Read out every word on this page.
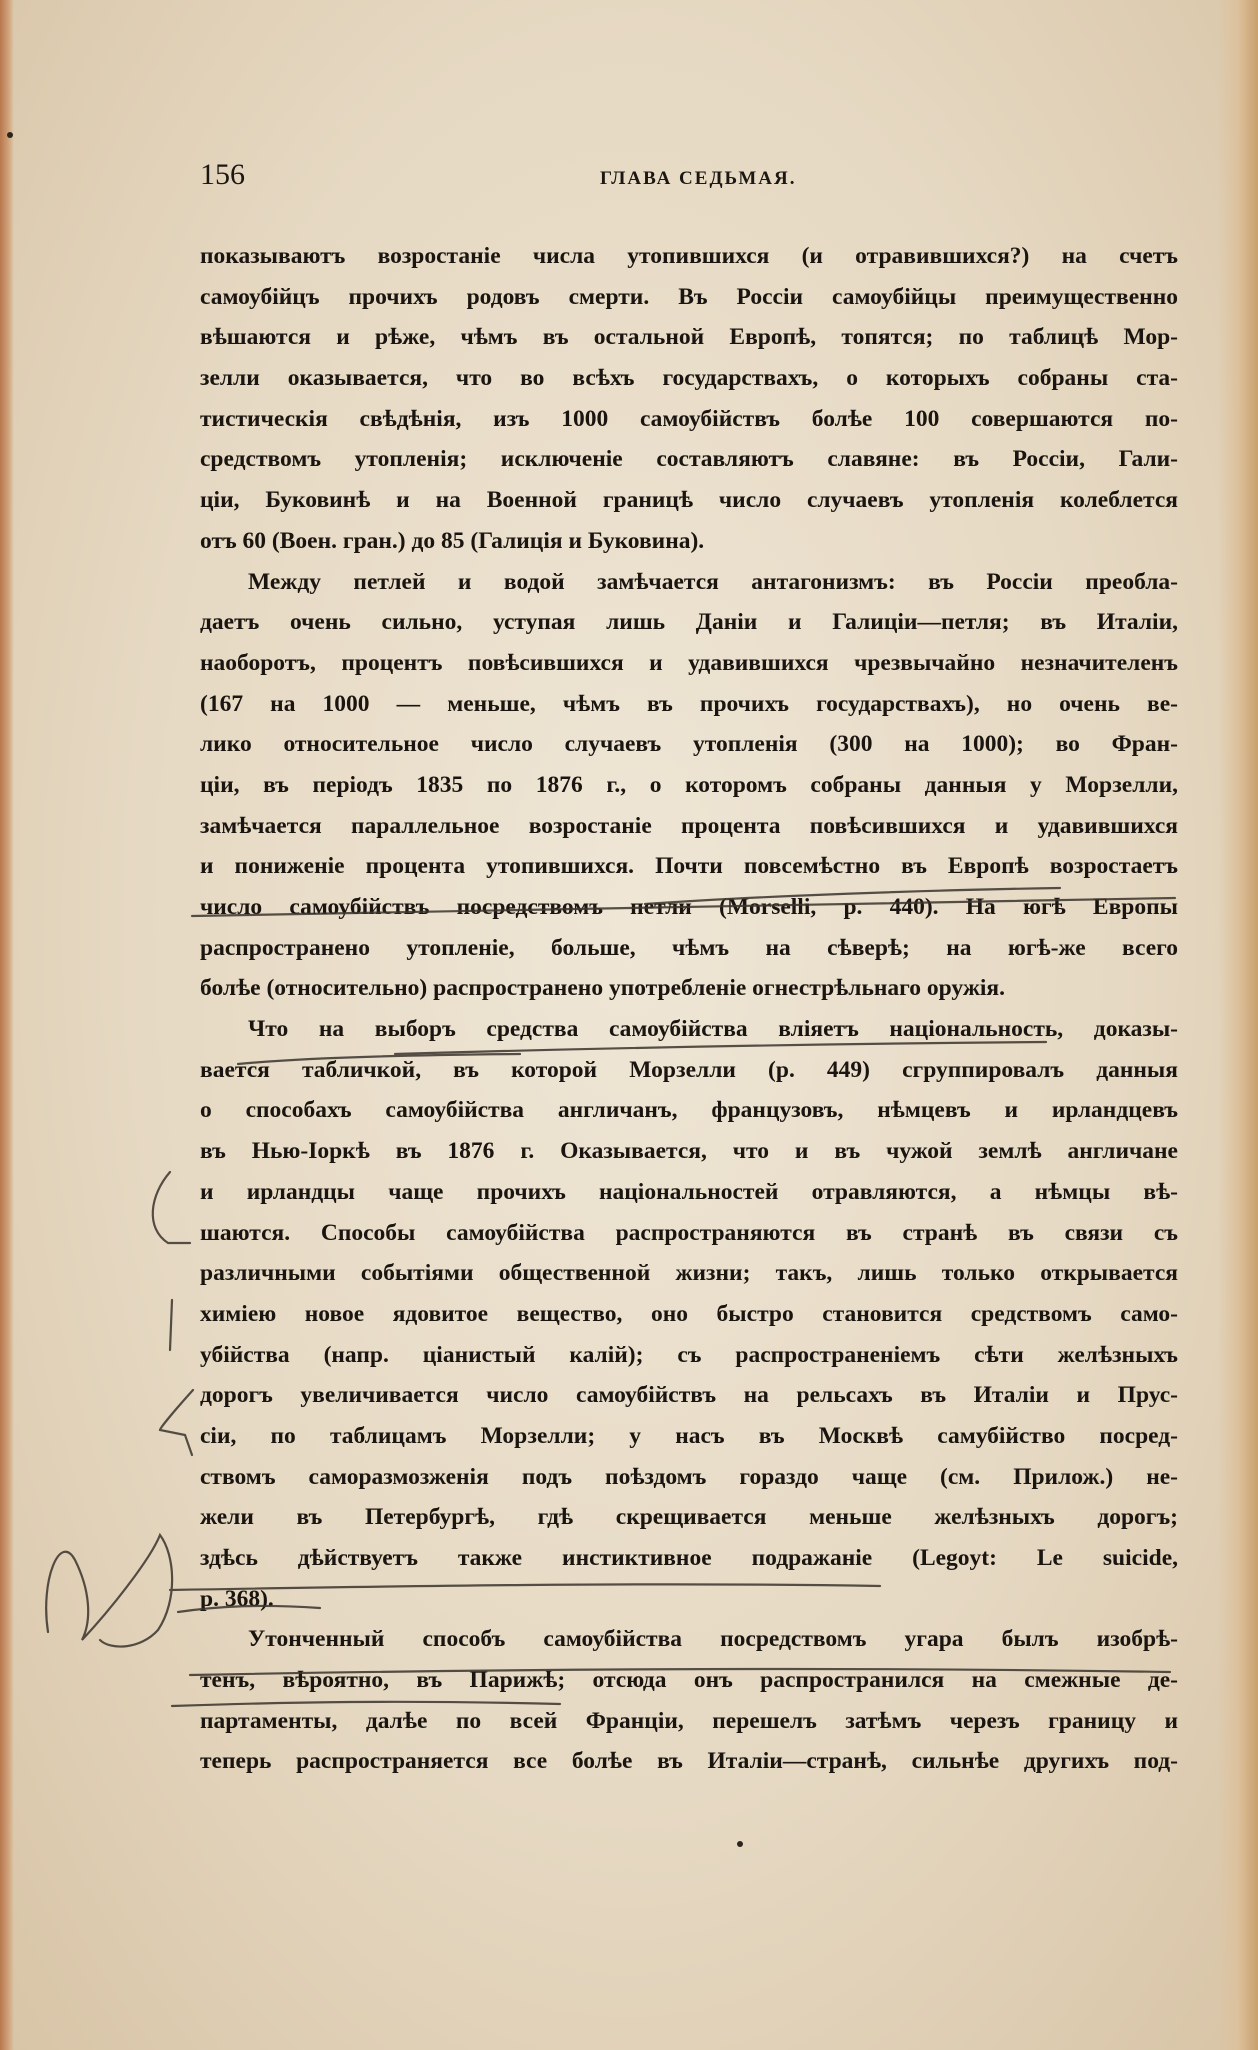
156	ГЛАВА СЕДЬМАЯ.
показываютъ возростаніе числа утопившихся (и отравившихся?) на счетъ
самоубійцъ прочихъ родовъ смерти. Въ Россіи самоубійцы преимущественно
вѣшаются и рѣже, чѣмъ въ остальной Европѣ, топятся; по таблицѣ Мор-
зелли оказывается, что во всѣхъ государствахъ, о которыхъ собраны ста-
тистическія свѣдѣнія, изъ 1000 самоубійствъ болѣе 100 совершаются по-
средствомъ утопленія; исключеніе составляютъ славяне: въ Россіи, Гали-
ціи, Буковинѣ и на Военной границѣ число случаевъ утопленія колеблется
отъ 60 (Воен. гран.) до 85 (Галиція и Буковина).
Между петлей и водой замѣчается антагонизмъ: въ Россіи преобла-
даетъ очень сильно, уступая лишь Даніи и Галиціи—петля; въ Италіи,
наоборотъ, процентъ повѣсившихся и удавившихся чрезвычайно незначителенъ
(167 на 1000 — меньше, чѣмъ въ прочихъ государствахъ), но очень ве-
лико относительное число случаевъ утопленія (300 на 1000); во Фран-
ціи, въ періодъ 1835 по 1876 г., о которомъ собраны данныя у Морзелли,
замѣчается параллельное возростаніе процента повѣсившихся и удавившихся
и пониженіе процента утопившихся. Почти повсемѣстно въ Европѣ возростаетъ
число самоубійствъ посредствомъ петли (Morselli, p. 440). На югѣ Европы
распространено утопленіе, больше, чѣмъ на сѣверѣ; на югѣ-же всего
болѣе (относительно) распространено употребленіе огнестрѣльнаго оружія.
Что на выборъ средства самоубійства вліяетъ національность, доказы-
вается табличкой, въ которой Морзелли (p. 449) сгруппировалъ данныя
о способахъ самоубійства англичанъ, французовъ, нѣмцевъ и ирландцевъ
въ Нью-Іоркѣ въ 1876 г. Оказывается, что и въ чужой землѣ англичане
и ирландцы чаще прочихъ національностей отравляются, а нѣмцы вѣ-
шаются. Способы самоубійства распространяются въ странѣ въ связи съ
различными событіями общественной жизни; такъ, лишь только открывается
химіею новое ядовитое вещество, оно быстро становится средствомъ само-
убійства (напр. ціанистый калій); съ распространеніемъ сѣти желѣзныхъ
дорогъ увеличивается число самоубійствъ на рельсахъ въ Италіи и Прус-
сіи, по таблицамъ Морзелли; у насъ въ Москвѣ самубійство посред-
ствомъ саморазмозженія подъ поѣздомъ гораздо чаще (см. Прилож.) не-
жели въ Петербургѣ, гдѣ скрещивается меньше желѣзныхъ дорогъ;
здѣсь дѣйствуетъ также инстиктивное подражаніе (Legoyt: Le suicide,
p. 368).
Утонченный способъ самоубійства посредствомъ угара былъ изобрѣ-
тенъ, вѣроятно, въ Парижѣ; отсюда онъ распространился на смежные де-
партаменты, далѣе по всей Франціи, перешелъ затѣмъ черезъ границу и
теперь распространяется все болѣе въ Италіи—странѣ, сильнѣе другихъ под-
